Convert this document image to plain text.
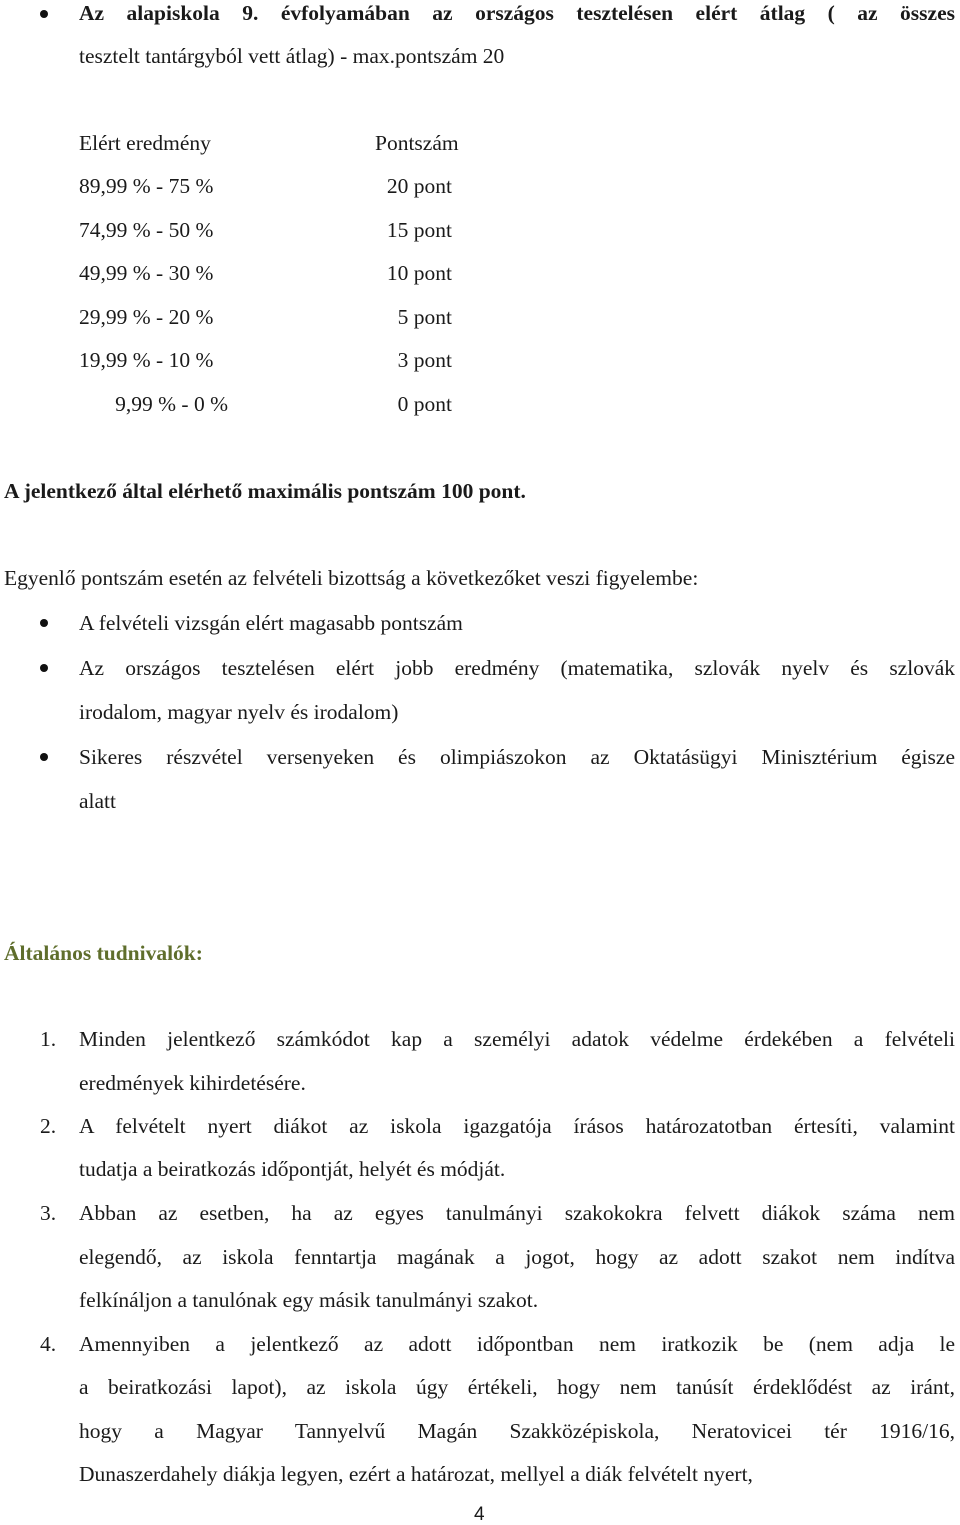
Az alapiskola 9. évfolyamában az országos tesztelésen elért átlag ( az összes
tesztelt tantárgyból vett átlag) - max.pontszám 20
Elért eredmény	Pontszám
89,99 % - 75 %	20 pont
74,99 % - 50 %	15 pont
49,99 % - 30 %	10 pont
29,99 % - 20 %	5 pont
19,99 % - 10 %	3 pont
9,99 % - 0 %	0 pont
A jelentkező által elérhető maximális pontszám 100 pont.
Egyenlő pontszám esetén az felvételi bizottság a következőket veszi figyelembe:
A felvételi vizsgán elért magasabb pontszám
Az országos tesztelésen elért jobb eredmény (matematika, szlovák nyelv és szlovák
irodalom, magyar nyelv és irodalom)
Sikeres részvétel versenyeken és olimpiászokon az Oktatásügyi Minisztérium égisze
alatt
Általános tudnivalók:
1. Minden jelentkező számkódot kap a személyi adatok védelme érdekében a felvételi
eredmények kihirdetésére.
2. A felvételt nyert diákot az iskola igazgatója írásos határozatotban értesíti, valamint
tudatja a beiratkozás időpontját, helyét és módját.
3. Abban az esetben, ha az egyes tanulmányi szakokokra felvett diákok száma nem
elegendő, az iskola fenntartja magának a jogot, hogy az adott szakot nem indítva
felkínáljon a tanulónak egy másik tanulmányi szakot.
4. Amennyiben a jelentkező az adott időpontban nem iratkozik be (nem adja le
a beiratkozási lapot), az iskola úgy értékeli, hogy nem tanúsít érdeklődést az iránt,
hogy a Magyar Tannyelvű Magán Szakközépiskola, Neratovicei tér 1916/16,
Dunaszerdahely diákja legyen, ezért a határozat, mellyel a diák felvételt nyert,
4
